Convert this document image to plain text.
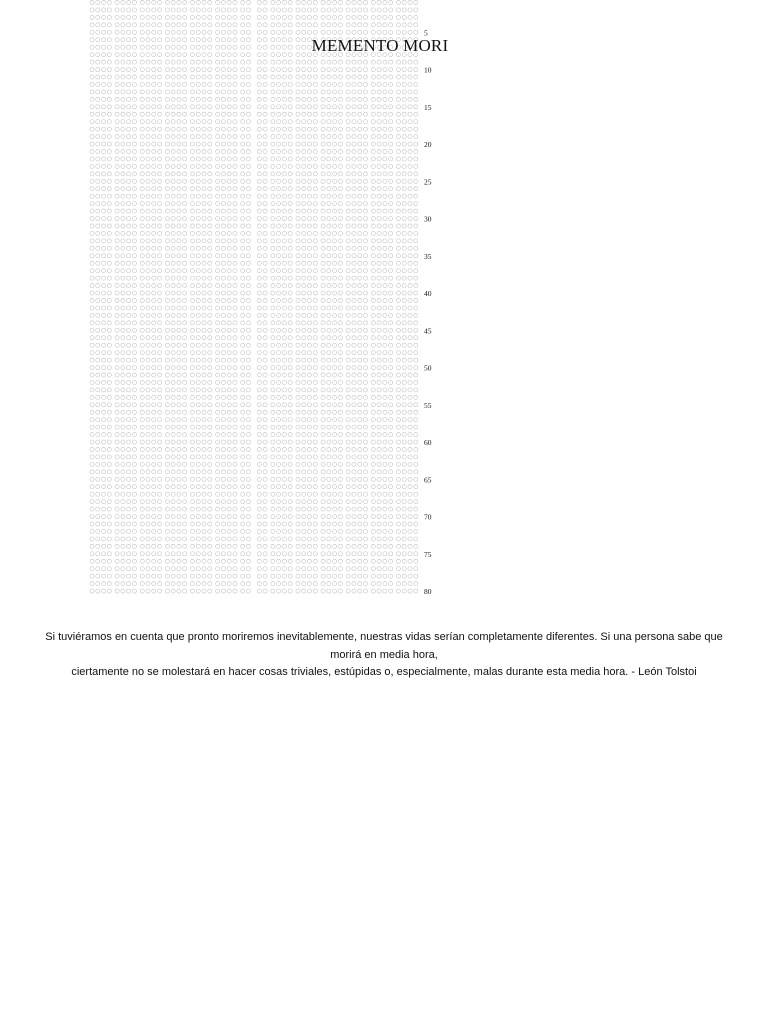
5
10
15
20
25
30
35
40
45
50
55
60
65
70
75
80
MEMENTO MORI
Si tuviéramos en cuenta que pronto moriremos inevitablemente, nuestras vidas serían completamente diferentes. Si una persona sabe que morirá en media hora,
ciertamente no se molestará en hacer cosas triviales, estúpidas o, especialmente, malas durante esta media hora. - León Tolstoi
